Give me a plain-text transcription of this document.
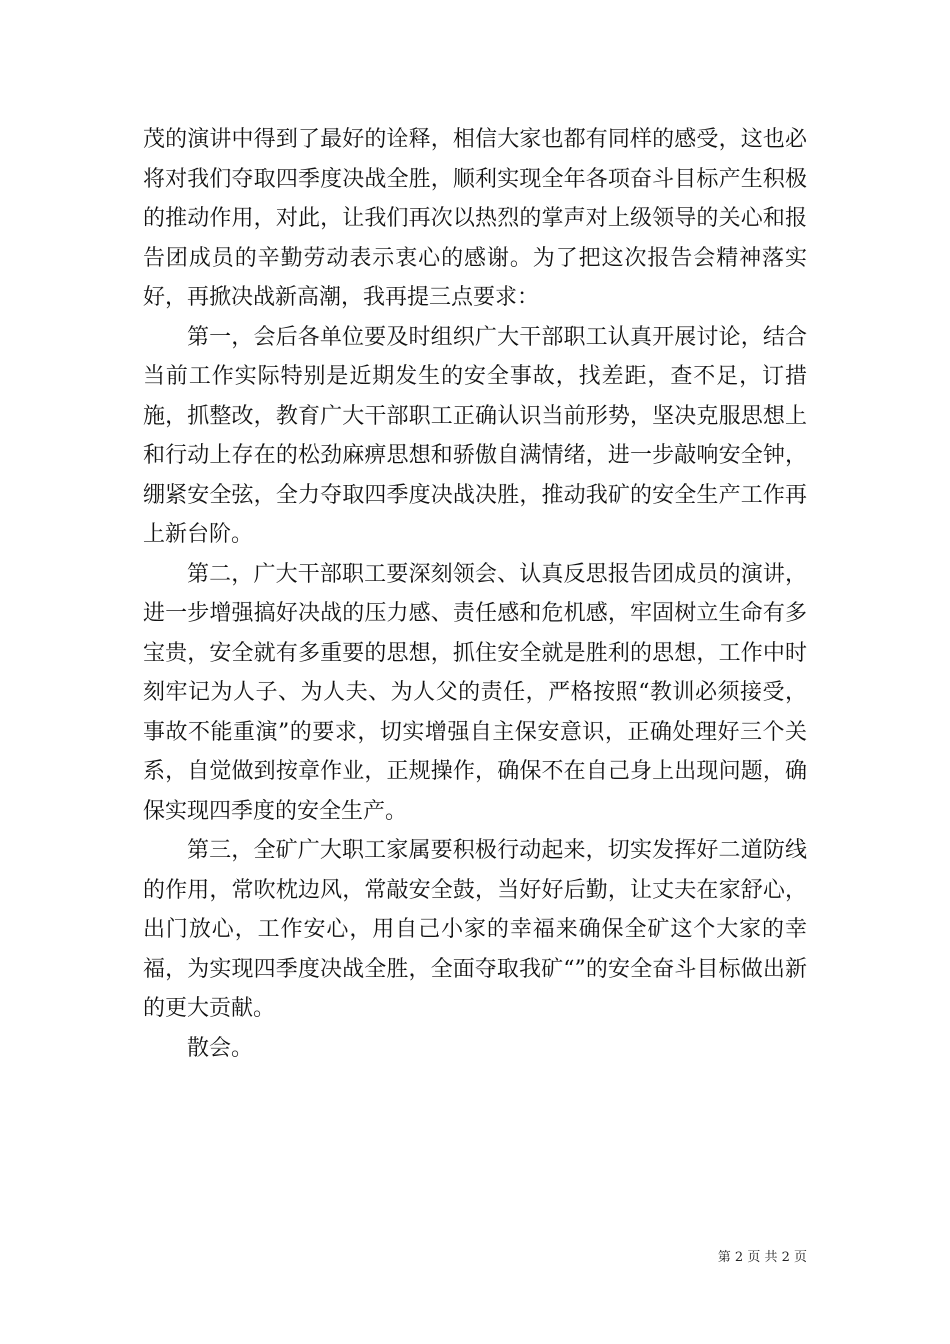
茂的演讲中得到了最好的诠释，相信大家也都有同样的感受，这也必将对我们夺取四季度决战全胜，顺利实现全年各项奋斗目标产生积极的推动作用，对此，让我们再次以热烈的掌声对上级领导的关心和报告团成员的辛勤劳动表示衷心的感谢。为了把这次报告会精神落实好，再掀决战新高潮，我再提三点要求：

第一，会后各单位要及时组织广大干部职工认真开展讨论，结合当前工作实际特别是近期发生的安全事故，找差距，查不足，订措施，抓整改，教育广大干部职工正确认识当前形势，坚决克服思想上和行动上存在的松劲麻痹思想和骄傲自满情绪，进一步敲响安全钟，绷紧安全弦，全力夺取四季度决战决胜，推动我矿的安全生产工作再上新台阶。

第二，广大干部职工要深刻领会、认真反思报告团成员的演讲，进一步增强搞好决战的压力感、责任感和危机感，牢固树立生命有多宝贵，安全就有多重要的思想，抓住安全就是胜利的思想，工作中时刻牢记为人子、为人夫、为人父的责任，严格按照“教训必须接受，事故不能重演”的要求，切实增强自主保安意识，正确处理好三个关系，自觉做到按章作业，正规操作，确保不在自己身上出现问题，确保实现四季度的安全生产。

第三，全矿广大职工家属要积极行动起来，切实发挥好二道防线的作用，常吹枕边风，常敲安全鼓，当好好后勤，让丈夫在家舒心，出门放心，工作安心，用自己小家的幸福来确保全矿这个大家的幸福，为实现四季度决战全胜，全面夺取我矿“”的安全奋斗目标做出新的更大贡献。

散会。

第 2 页 共 2 页
